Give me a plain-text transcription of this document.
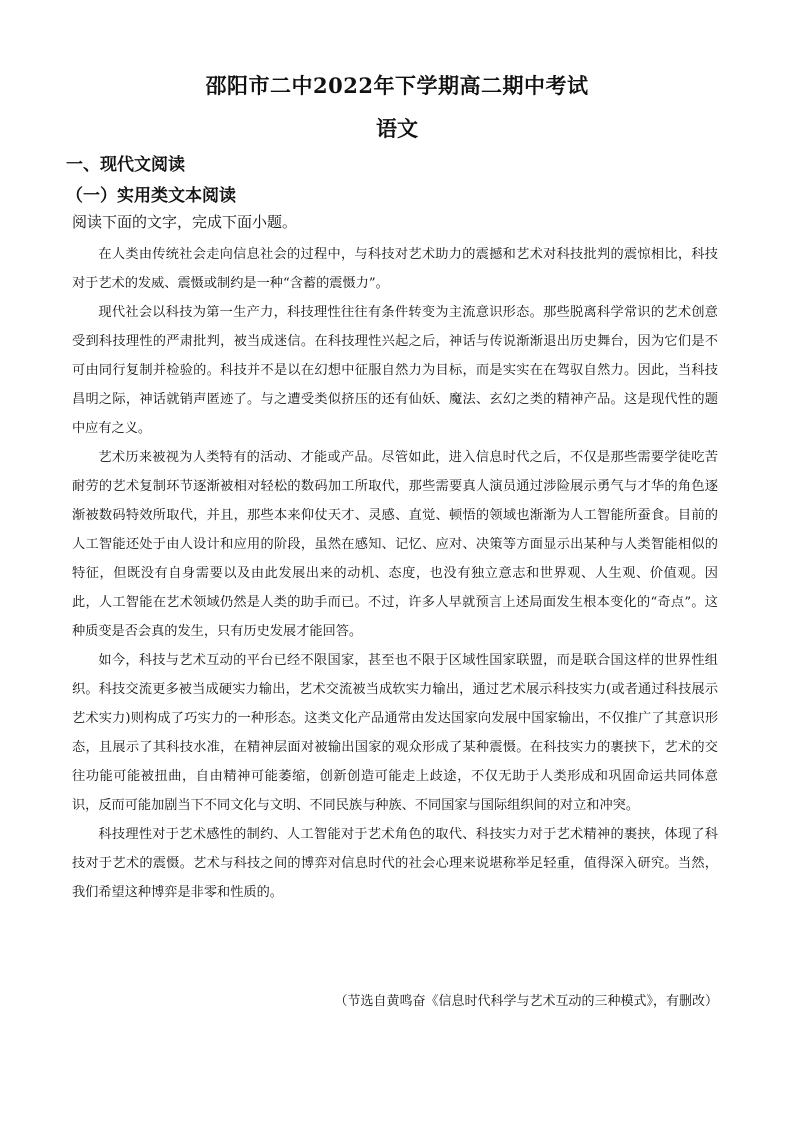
邵阳市二中2022年下学期高二期中考试
语文
一、现代文阅读
（一）实用类文本阅读
阅读下面的文字，完成下面小题。

在人类由传统社会走向信息社会的过程中，与科技对艺术助力的震撼和艺术对科技批判的震惊相比，科技对于艺术的发威、震慑或制约是一种“含蓄的震慑力”。

现代社会以科技为第一生产力，科技理性往往有条件转变为主流意识形态。那些脱离科学常识的艺术创意受到科技理性的严肃批判，被当成迷信。在科技理性兴起之后，神话与传说渐渐退出历史舞台，因为它们是不可由同行复制并检验的。科技并不是以在幻想中征服自然力为目标，而是实实在在驾驭自然力。因此，当科技昌明之际，神话就销声匿迹了。与之遭受类似挤压的还有仙妖、魔法、玄幻之类的精神产品。这是现代性的题中应有之义。

艺术历来被视为人类特有的活动、才能或产品。尽管如此，进入信息时代之后，不仅是那些需要学徒吃苦耐劳的艺术复制环节逐渐被相对轻松的数码加工所取代，那些需要真人演员通过涉险展示勇气与才华的角色逐渐被数码特效所取代，并且，那些本来仰仗天才、灵感、直觉、顿悟的领域也渐渐为人工智能所蚕食。目前的人工智能还处于由人设计和应用的阶段，虽然在感知、记忆、应对、决策等方面显示出某种与人类智能相似的特征，但既没有自身需要以及由此发展出来的动机、态度，也没有独立意志和世界观、人生观、价值观。因此，人工智能在艺术领域仍然是人类的助手而已。不过，许多人早就预言上述局面发生根本变化的“奇点”。这种质变是否会真的发生，只有历史发展才能回答。

如今，科技与艺术互动的平台已经不限国家，甚至也不限于区域性国家联盟，而是联合国这样的世界性组织。科技交流更多被当成硬实力输出，艺术交流被当成软实力输出，通过艺术展示科技实力(或者通过科技展示艺术实力)则构成了巧实力的一种形态。这类文化产品通常由发达国家向发展中国家输出，不仅推广了其意识形态，且展示了其科技水准，在精神层面对被输出国家的观众形成了某种震慑。在科技实力的裹挟下，艺术的交往功能可能被扭曲，自由精神可能萎缩，创新创造可能走上歧途，不仅无助于人类形成和巩固命运共同体意识，反而可能加剧当下不同文化与文明、不同民族与种族、不同国家与国际组织间的对立和冲突。

科技理性对于艺术感性的制约、人工智能对于艺术角色的取代、科技实力对于艺术精神的裹挟，体现了科技对于艺术的震慑。艺术与科技之间的博弈对信息时代的社会心理来说堪称举足轻重，值得深入研究。当然，我们希望这种博弈是非零和性质的。

（节选自黄鸣奋《信息时代科学与艺术互动的三种模式》，有删改）
